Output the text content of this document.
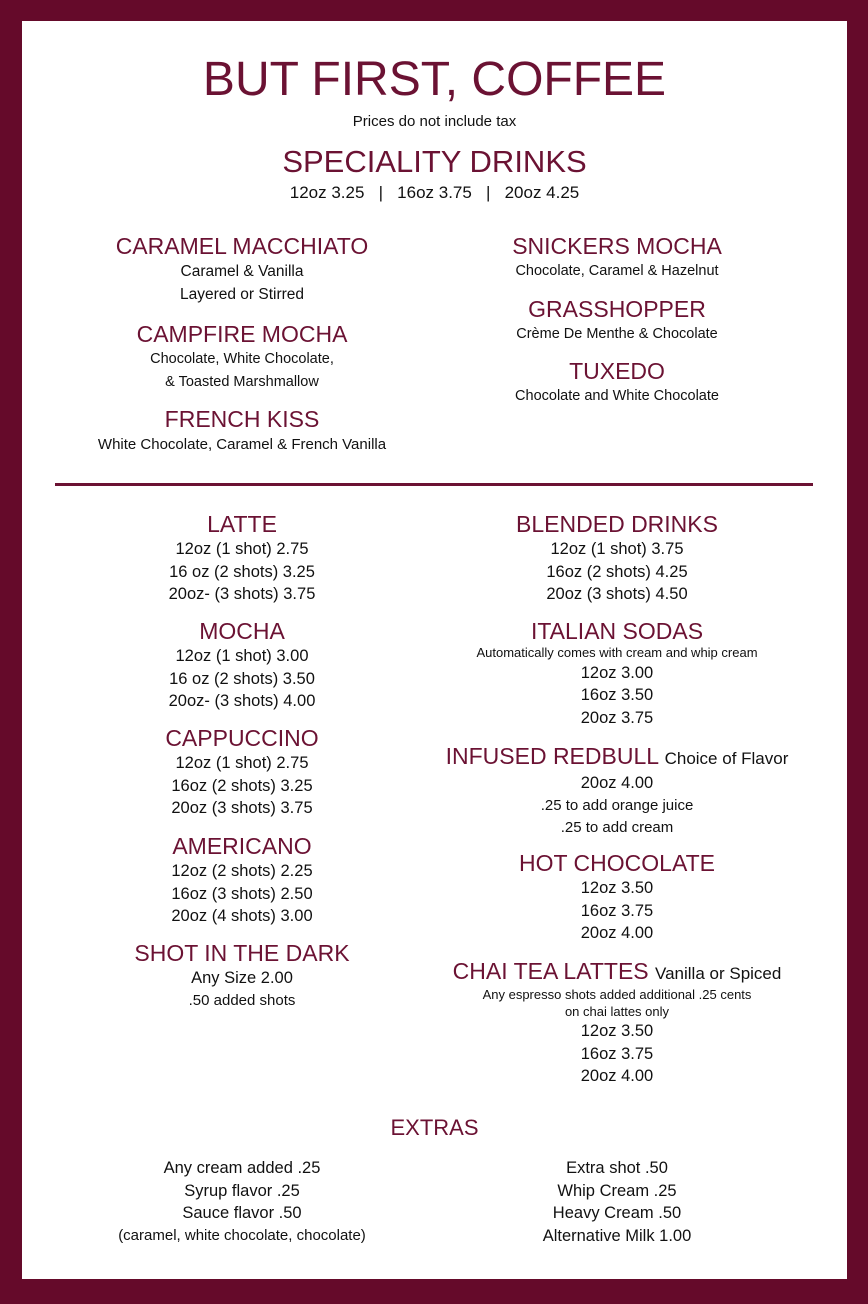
BUT FIRST, COFFEE
Prices do not include tax
SPECIALITY DRINKS
12oz 3.25   |   16oz 3.75   |   20oz 4.25
CARAMEL MACCHIATO
Caramel & Vanilla
Layered or Stirred
CAMPFIRE MOCHA
Chocolate, White Chocolate,
& Toasted Marshmallow
FRENCH KISS
White Chocolate, Caramel & French Vanilla
SNICKERS MOCHA
Chocolate, Caramel & Hazelnut
GRASSHOPPER
Crème De Menthe & Chocolate
TUXEDO
Chocolate and White Chocolate
LATTE
12oz (1 shot) 2.75
16 oz (2 shots) 3.25
20oz- (3 shots) 3.75
MOCHA
12oz (1 shot) 3.00
16 oz (2 shots) 3.50
20oz- (3 shots) 4.00
CAPPUCCINO
12oz (1 shot) 2.75
16oz (2 shots) 3.25
20oz (3 shots) 3.75
AMERICANO
12oz (2 shots) 2.25
16oz (3 shots) 2.50
20oz (4 shots) 3.00
SHOT IN THE DARK
Any Size 2.00
.50 added shots
BLENDED DRINKS
12oz (1 shot) 3.75
16oz (2 shots) 4.25
20oz (3 shots) 4.50
ITALIAN SODAS
Automatically comes with cream and whip cream
12oz 3.00
16oz 3.50
20oz 3.75
INFUSED REDBULL Choice of Flavor
20oz 4.00
.25 to add orange juice
.25 to add cream
HOT CHOCOLATE
12oz 3.50
16oz 3.75
20oz 4.00
CHAI TEA LATTES Vanilla or Spiced
Any espresso shots added additional .25 cents
on chai lattes only
12oz 3.50
16oz 3.75
20oz 4.00
EXTRAS
Any cream added .25
Syrup flavor .25
Sauce flavor .50
(caramel, white chocolate, chocolate)
Extra shot .50
Whip Cream .25
Heavy Cream .50
Alternative Milk 1.00
